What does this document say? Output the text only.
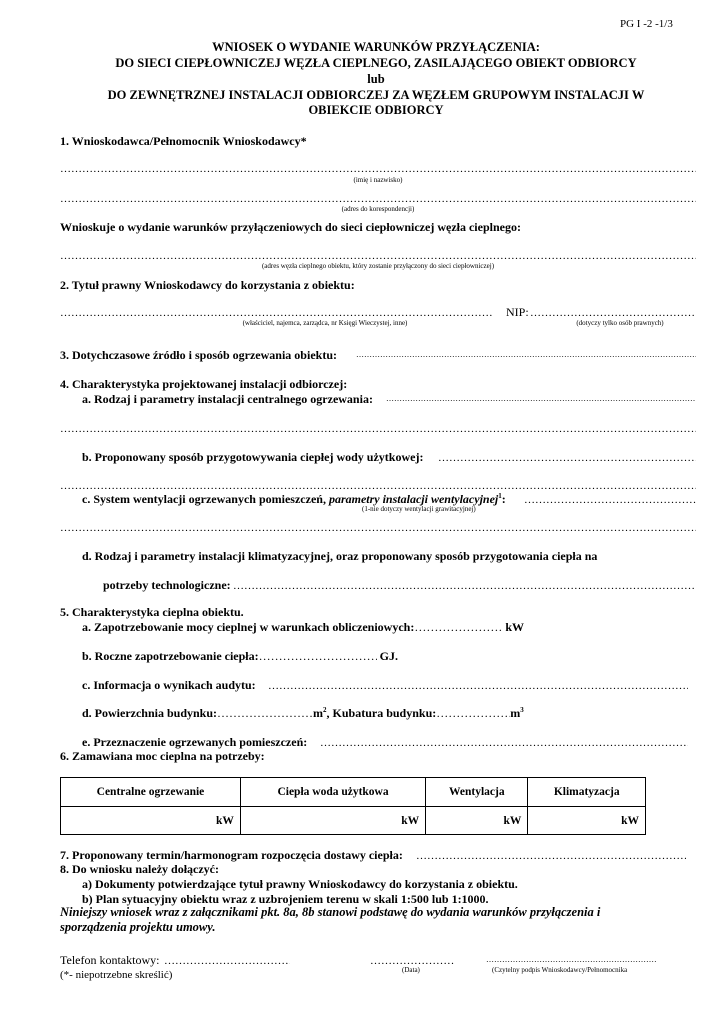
PG I -2 -1/3
WNIOSEK O WYDANIE WARUNKÓW PRZYŁĄCZENIA:
DO SIECI CIEPŁOWNICZEJ WĘZŁA CIEPLNEGO, ZASILAJĄCEGO OBIEKT ODBIORCY
lub
DO ZEWNĘTRZNEJ INSTALACJI ODBIORCZEJ ZA WĘZŁEM GRUPOWYM INSTALACJI W
OBIEKCIE ODBIORCY
1. Wnioskodawca/Pełnomocnik Wnioskodawcy*
………………………………………………………………………………………………………………………………………………………………………………………………………………………………………………………………………………………………
(imię i nazwisko)
………………………………………………………………………………………………………………………………………………………………………………………………………………………………………………………………………………………………
(adres do korespondencji)
Wnioskuje o wydanie warunków przyłączeniowych do sieci ciepłowniczej węzła cieplnego:
………………………………………………………………………………………………………………………………………………………………………………………………………………………………………………………………………………………………
(adres węzła cieplnego obiektu, który zostanie przyłączony do sieci ciepłowniczej)
2. Tytuł prawny Wnioskodawcy do korzystania z obiektu:
………………………………………………………………………………………………………………………………………………………………………………………………………………………………………………………………………………………………
NIP:
………………………………………………………………………………………………………………………………………………………………………………………………………………………………………………………………………………………………
(właściciel, najemca, zarządca, nr Księgi Wieczystej, inne)	(dotyczy tylko osób prawnych)
3. Dotychczasowe źródło i sposób ogrzewania obiektu:
………………………………………………………………………………………………………………………………………………………………………………………………………………………………………………………………………………………………
4. Charakterystyka projektowanej instalacji odbiorczej:
a. Rodzaj i parametry instalacji centralnego ogrzewania:
………………………………………………………………………………………………………………………………………………………………………………………………………………………………………………………………………………………………
………………………………………………………………………………………………………………………………………………………………………………………………………………………………………………………………………………………………
b. Proponowany sposób przygotowywania ciepłej wody użytkowej:
………………………………………………………………………………………………………………………………………………………………………………………………………………………………………………………………………………………………
………………………………………………………………………………………………………………………………………………………………………………………………………………………………………………………………………………………………
c. System wentylacji ogrzewanych pomieszczeń, parametry instalacji wentylacyjnej$^1$:
………………………………………………………………………………………………………………………………………………………………………………………………………………………………………………………………………………………………
(1-nie dotyczy wentylacji grawitacyjnej)
………………………………………………………………………………………………………………………………………………………………………………………………………………………………………………………………………………………………
d. Rodzaj i parametry instalacji klimatyzacyjnej, oraz proponowany sposób przygotowania ciepła na
potrzeby technologiczne:
………………………………………………………………………………………………………………………………………………………………………………………………………………………………………………………………………………………………
5. Charakterystyka cieplna obiektu.
a. Zapotrzebowanie mocy cieplnej w warunkach obliczeniowych: ………………………………………………………………………………………………………………………………………………………………………………………………………………	kW
b. Roczne zapotrzebowanie ciepła: ………………………………………………………………………………………………………………………………………………………………………………………………………………	GJ.
c. Informacja o wynikach audytu:
………………………………………………………………………………………………………………………………………………………………………………………………………………………………………………………………………………………………
d. Powierzchnia budynku: ………………………………………………………………………………………………………………………………………………………………………………………………………………	$m^2$, Kubatura budynku: ………………………………………………………………………………………………………………………………………………………………………………………………………………	$m^3$
e. Przeznaczenie ogrzewanych pomieszczeń:
………………………………………………………………………………………………………………………………………………………………………………………………………………………………………………………………………………………………
6. Zamawiana moc cieplna na potrzeby:
Centralne ogrzewanie	Ciepła woda użytkowa	Wentylacja	Klimatyzacja
kW	kW	kW	kW
7. Proponowany termin/harmonogram rozpoczęcia dostawy ciepła:
………………………………………………………………………………………………………………………………………………………………………………………………………………………………………………………………………………………………
8. Do wniosku należy dołączyć:
a) Dokumenty potwierdzające tytuł prawny Wnioskodawcy do korzystania z obiektu.
b) Plan sytuacyjny obiektu wraz z uzbrojeniem terenu w skali 1:500 lub 1:1000.
Niniejszy wniosek wraz z załącznikami pkt. 8a, 8b stanowi podstawę do wydania warunków przyłączenia i
sporządzenia projektu umowy.
Telefon kontaktowy:
………………………………………………………………………………………………………………………………………………………………………………………………………………………………………………………………………………………………
………………………………………………………………………………………………………………………………………………………………………………………………………………………………………………………………………………………………
………………………………………………………………………………………………………………………………………………………………………………………………………………………………………………………………………………………………
(Data)	(Czytelny podpis Wnioskodawcy/Pełnomocnika
(*- niepotrzebne skreślić)
